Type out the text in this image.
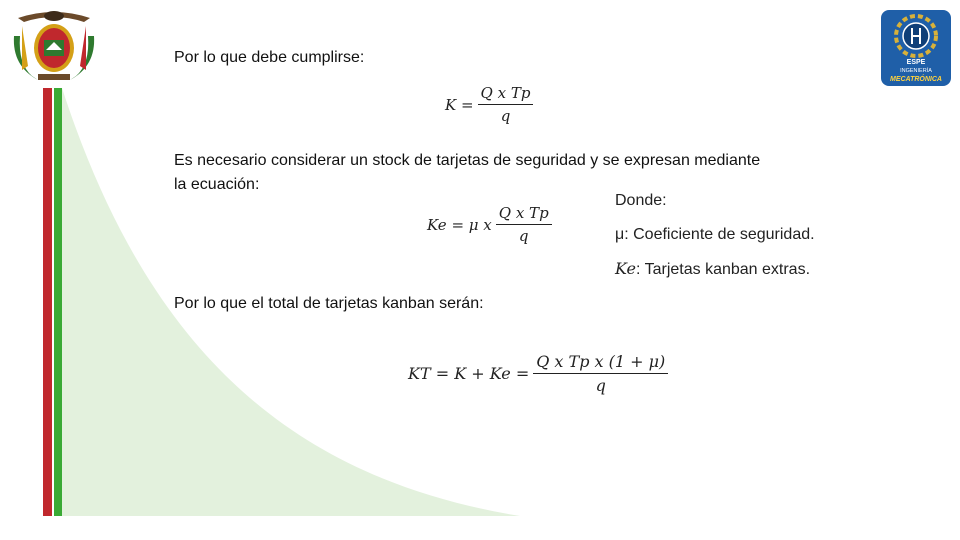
ESPE
INGENIERÍA
MECATRÓNICA

Por lo que debe cumplirse:

$K = \frac{\text{Q x Tp}}{q}$

Es necesario considerar un stock de tarjetas de seguridad y se expresan mediante la ecuación:

Ke = μ x $\frac{\text{Q x Tp}}{q}$
Donde:
μ: Coeficiente de seguridad.
Ke: Tarjetas kanban extras.

Por lo que el total de tarjetas kanban serán:

KT = $K + Ke = \frac{\text{Q x Tp x (1 + μ)}}{q}$
